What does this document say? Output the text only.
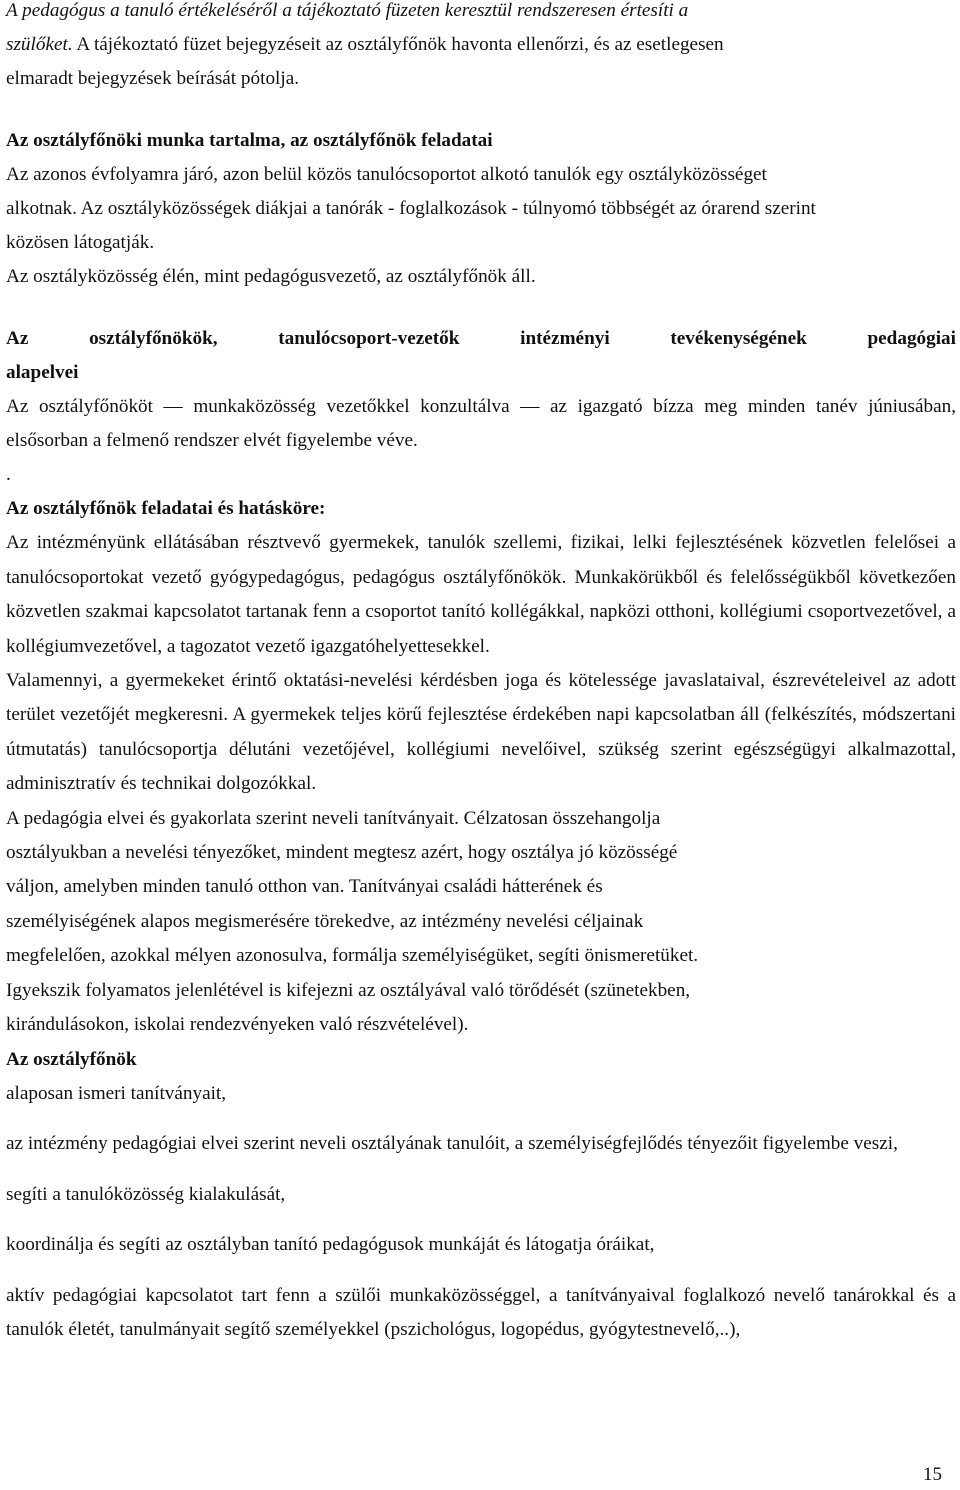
A pedagógus a tanuló értékeléséről a tájékoztató füzeten keresztül rendszeresen értesíti a

szülőket. A tájékoztató füzet bejegyzéseit az osztályfőnök havonta ellenőrzi, és az esetlegesen

elmaradt bejegyzések beírását pótolja.

Az osztályfőnöki munka tartalma, az osztályfőnök feladatai

Az azonos évfolyamra járó, azon belül közös tanulócsoportot alkotó tanulók egy osztályközösséget alkotnak. Az osztályközösségek diákjai a tanórák - foglalkozások - túlnyomó többségét az órarend szerint közösen látogatják.

Az osztályközösség élén, mint pedagógusvezető, az osztályfőnök áll.

Az osztályfőnökök, tanulócsoport-vezetők intézményi tevékenységének pedagógiai

alapelvei

Az osztályfőnököt ― munkaközösség vezetőkkel konzultálva ― az igazgató bízza meg minden tanév júniusában, elsősorban a felmenő rendszer elvét figyelembe véve.

.

Az osztályfőnök feladatai és hatásköre:

Az intézményünk ellátásában résztvevő gyermekek, tanulók szellemi, fizikai, lelki fejlesztésének közvetlen felelősei a tanulócsoportokat vezető gyógypedagógus, pedagógus osztályfőnökök. Munkakörükből és felelősségükből következően közvetlen szakmai kapcsolatot tartanak fenn a csoportot tanító kollégákkal, napközi otthoni, kollégiumi csoportvezetővel, a kollégiumvezetővel, a tagozatot vezető igazgatóhelyettesekkel.

Valamennyi, a gyermekeket érintő oktatási-nevelési kérdésben joga és kötelessége javaslataival, észrevételeivel az adott terület vezetőjét megkeresni. A gyermekek teljes körű fejlesztése érdekében napi kapcsolatban áll (felkészítés, módszertani útmutatás) tanulócsoportja délutáni vezetőjével, kollégiumi nevelőivel, szükség szerint egészségügyi alkalmazottal, adminisztratív és technikai dolgozókkal.

A pedagógia elvei és gyakorlata szerint neveli tanítványait. Célzatosan összehangolja

osztályukban a nevelési tényezőket, mindent megtesz azért, hogy osztálya jó közösségé

váljon, amelyben minden tanuló otthon van. Tanítványai családi hátterének és

személyiségének alapos megismerésére törekedve, az intézmény nevelési céljainak

megfelelően, azokkal mélyen azonosulva, formálja személyiségüket, segíti önismeretüket.

Igyekszik folyamatos jelenlétével is kifejezni az osztályával való törődését (szünetekben,

kirándulásokon, iskolai rendezvényeken való részvételével).

Az osztályfőnök

alaposan ismeri tanítványait,

az intézmény pedagógiai elvei szerint neveli osztályának tanulóit, a személyiségfejlődés tényezőit figyelembe veszi,

segíti a tanulóközösség kialakulását,

koordinálja és segíti az osztályban tanító pedagógusok munkáját és látogatja óráikat,

aktív pedagógiai kapcsolatot tart fenn a szülői munkaközösséggel, a tanítványaival foglalkozó nevelő tanárokkal és a tanulók életét, tanulmányait segítő személyekkel (pszichológus, logopédus, gyógytestnevelő,..),

15
